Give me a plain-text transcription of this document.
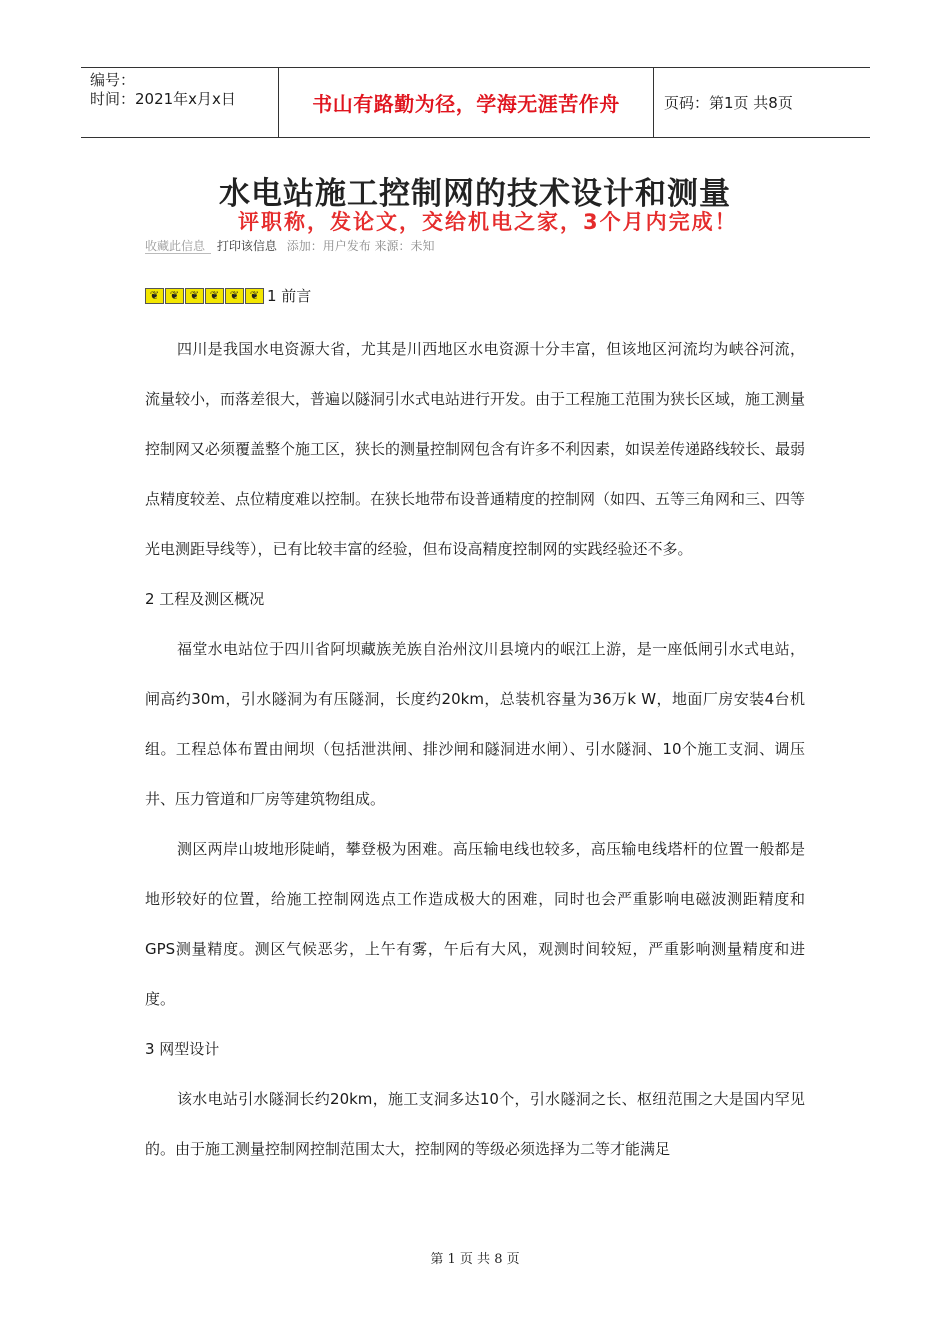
编号：
时间：2021年x月x日	书山有路勤为径，学海无涯苦作舟	页码：第1页 共8页
水电站施工控制网的技术设计和测量
评职称，发论文，交给机电之家，3个月内完成！
收藏此信息 打印该信息 添加：用户发布 来源：未知
❦ ❦ ❦ ❦ ❦ ❦ 1 前言

四川是我国水电资源大省，尤其是川西地区水电资源十分丰富，但该地区河流均为峡谷河流，流量较小，而落差很大，普遍以隧洞引水式电站进行开发。由于工程施工范围为狭长区域，施工测量控制网又必须覆盖整个施工区，狭长的测量控制网包含有许多不利因素，如误差传递路线较长、最弱点精度较差、点位精度难以控制。在狭长地带布设普通精度的控制网（如四、五等三角网和三、四等光电测距导线等），已有比较丰富的经验，但布设高精度控制网的实践经验还不多。

2 工程及测区概况

福堂水电站位于四川省阿坝藏族羌族自治州汶川县境内的岷江上游，是一座低闸引水式电站，闸高约30m，引水隧洞为有压隧洞，长度约20km，总装机容量为36万k W，地面厂房安装4台机组。工程总体布置由闸坝（包括泄洪闸、排沙闸和隧洞进水闸）、引水隧洞、10个施工支洞、调压井、压力管道和厂房等建筑物组成。

测区两岸山坡地形陡峭，攀登极为困难。高压输电线也较多，高压输电线塔杆的位置一般都是地形较好的位置，给施工控制网选点工作造成极大的困难，同时也会严重影响电磁波测距精度和GPS测量精度。测区气候恶劣，上午有雾，午后有大风，观测时间较短，严重影响测量精度和进度。

3 网型设计

该水电站引水隧洞长约20km，施工支洞多达10个，引水隧洞之长、枢纽范围之大是国内罕见的。由于施工测量控制网控制范围太大，控制网的等级必须选择为二等才能满足

第 1 页 共 8 页
